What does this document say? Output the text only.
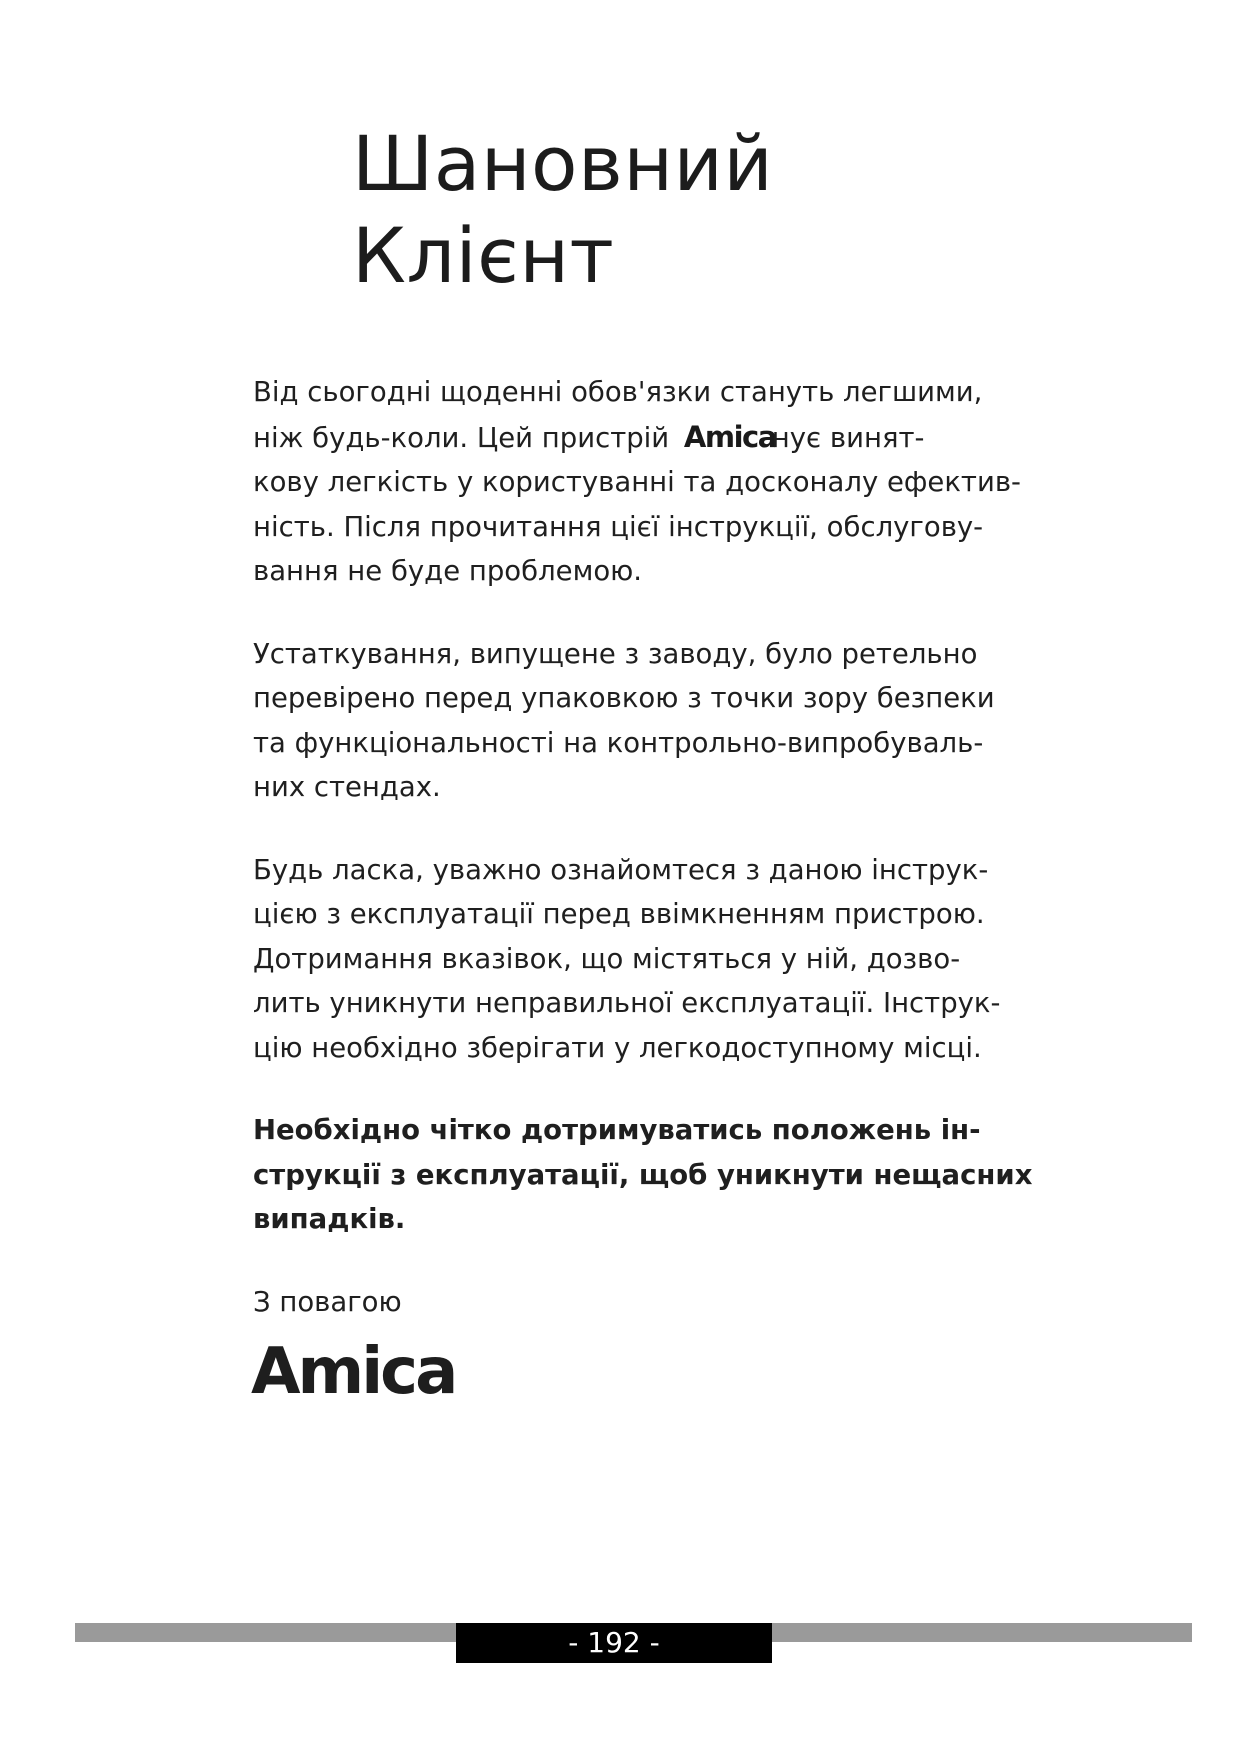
Шановний
Клієнт

Від сьогодні щоденні обов'язки стануть легшими,
ніж будь-коли. Цей пристрій Amicaнує винят-
кову легкість у користуванні та досконалу ефектив-
ність. Після прочитання цієї інструкції, обслугову-
вання не буде проблемою.

Устаткування, випущене з заводу, було ретельно
перевірено перед упаковкою з точки зору безпеки
та функціональності на контрольно-випробуваль-
них стендах.

Будь ласка, уважно ознайомтеся з даною інструк-
цією з експлуатації перед ввімкненням пристрою.
Дотримання вказівок, що містяться у ній, дозво-
лить уникнути неправильної експлуатації. Інструк-
цію необхідно зберігати у легкодоступному місці.

Необхідно чітко дотримуватись положень ін-
струкції з експлуатації, щоб уникнути нещасних
випадків.

З повагою

Amica
- 192 -
